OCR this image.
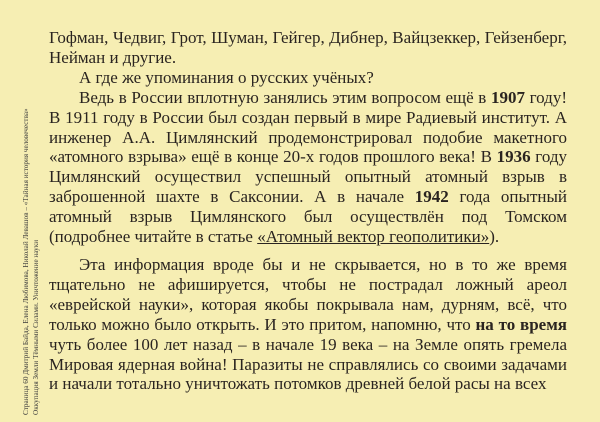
Страница 60 Дмитрий Байда, Елена Любимова, Николай Левашов – «Тайная история человечества» Оккупация Земли Тёмными Силами. Уничтожение науки

Гофман, Чедвиг, Грот, Шуман, Гейгер, Дибнер, Вайцзеккер, Гейзенберг, Нейман и другие.

А где же упоминания о русских учёных?

Ведь в России вплотную занялись этим вопросом ещё в 1907 году! В 1911 году в России был создан первый в мире Радиевый институт. А инженер А.А. Цимлянский продемонстрировал подобие макетного «атомного взрыва» ещё в конце 20-х годов прошлого века! В 1936 году Цимлянский осуществил успешный опытный атомный взрыв в заброшенной шахте в Саксонии. А в начале 1942 года опытный атомный взрыв Цимлянского был осуществлён под Томском (подробнее читайте в статье «Атомный вектор геополитики»).

Эта информация вроде бы и не скрывается, но в то же время тщательно не афишируется, чтобы не пострадал ложный ареол «еврейской науки», которая якобы покрывала нам, дурням, всё, что только можно было открыть. И это притом, напомню, что на то время чуть более 100 лет назад – в начале 19 века – на Земле опять гремела Мировая ядерная война! Паразиты не справлялись со своими задачами и начали тотально уничтожать потомков древней белой расы на всех
